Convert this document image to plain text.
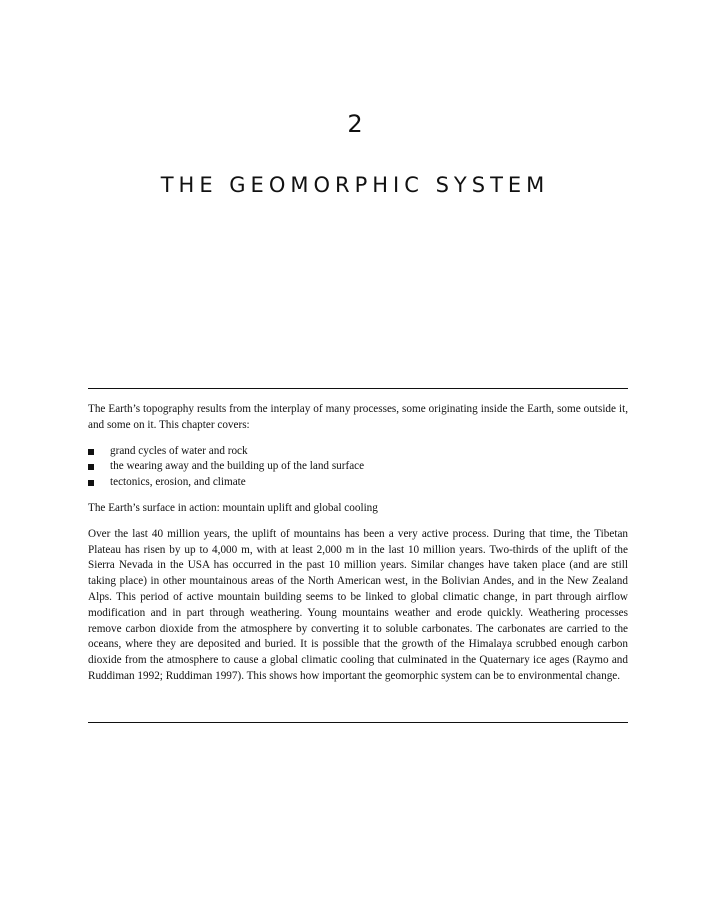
2
THE GEOMORPHIC SYSTEM

The Earth’s topography results from the interplay of many processes, some originating inside the Earth, some outside it, and some on it. This chapter covers:

grand cycles of water and rock
the wearing away and the building up of the land surface
tectonics, erosion, and climate

The Earth’s surface in action: mountain uplift and global cooling

Over the last 40 million years, the uplift of mountains has been a very active process. During that time, the Tibetan Plateau has risen by up to 4,000 m, with at least 2,000 m in the last 10 million years. Two-thirds of the uplift of the Sierra Nevada in the USA has occurred in the past 10 million years. Similar changes have taken place (and are still taking place) in other mountainous areas of the North American west, in the Bolivian Andes, and in the New Zealand Alps. This period of active mountain building seems to be linked to global climatic change, in part through airflow modification and in part through weathering. Young mountains weather and erode quickly. Weathering processes remove carbon dioxide from the atmosphere by converting it to soluble carbonates. The carbonates are carried to the oceans, where they are deposited and buried. It is possible that the growth of the Himalaya scrubbed enough carbon dioxide from the atmosphere to cause a global climatic cooling that culminated in the Quaternary ice ages (Raymo and Ruddiman 1992; Ruddiman 1997). This shows how important the geomorphic system can be to environmental change.
